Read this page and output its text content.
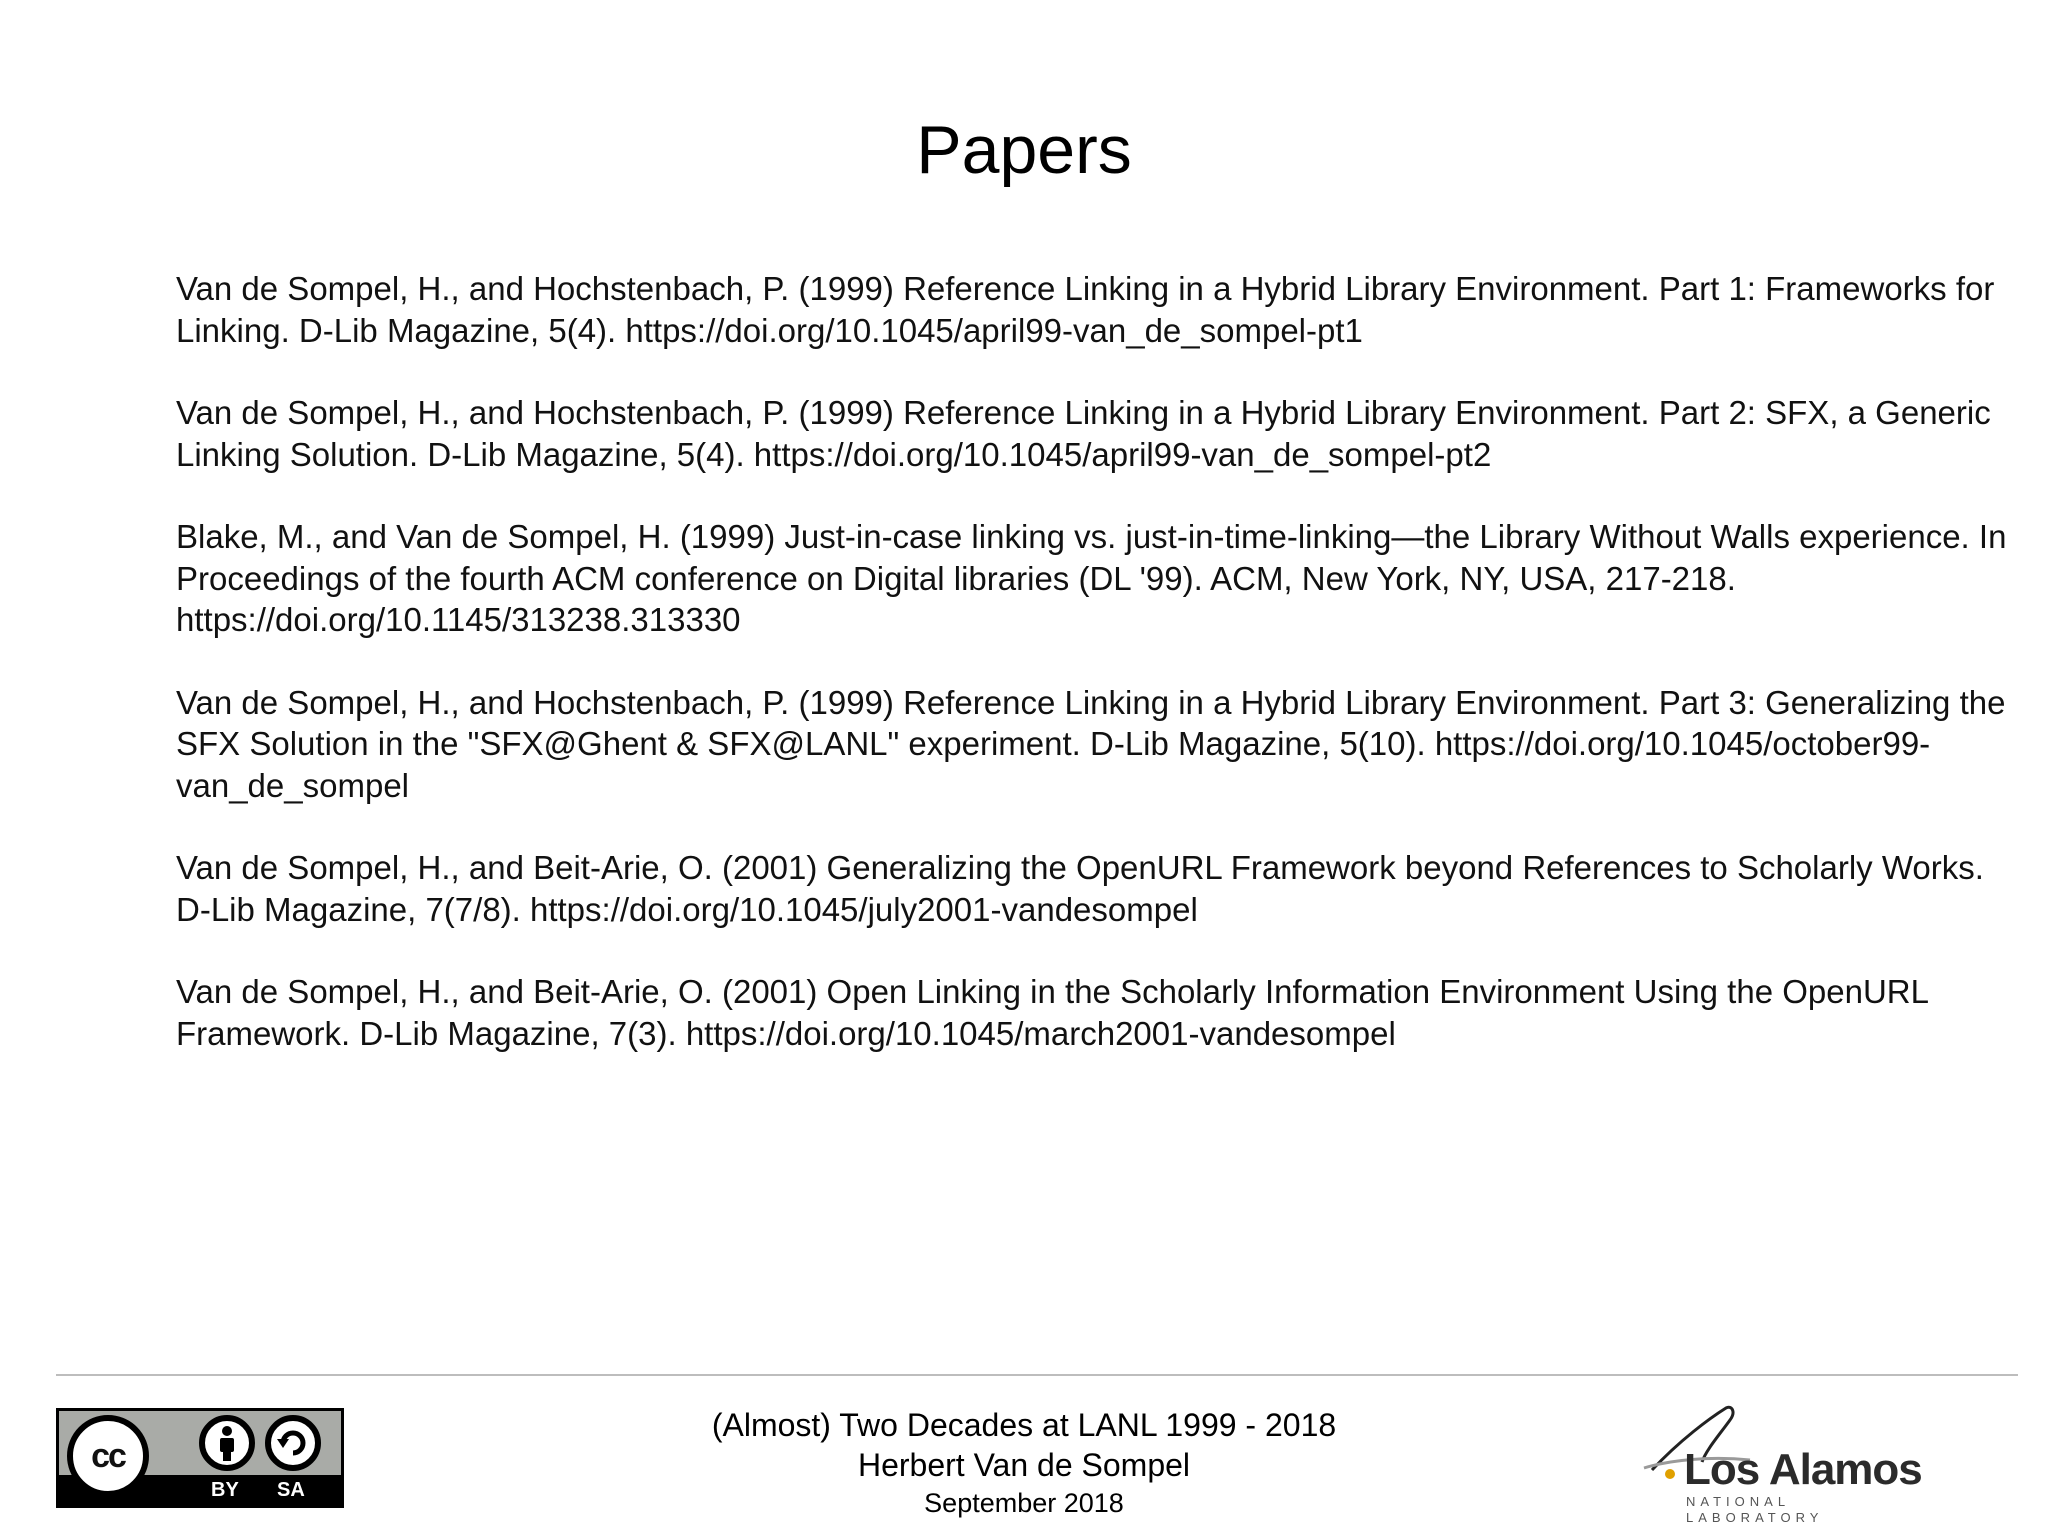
Papers

Van de Sompel, H., and Hochstenbach, P. (1999) Reference Linking in a Hybrid Library Environment. Part 1: Frameworks for Linking. D-Lib Magazine, 5(4). https://doi.org/10.1045/april99-van_de_sompel-pt1

Van de Sompel, H., and Hochstenbach, P. (1999) Reference Linking in a Hybrid Library Environment. Part 2: SFX, a Generic Linking Solution. D-Lib Magazine, 5(4). https://doi.org/10.1045/april99-van_de_sompel-pt2

Blake, M., and Van de Sompel, H. (1999) Just-in-case linking vs. just-in-time-linking—the Library Without Walls experience. In Proceedings of the fourth ACM conference on Digital libraries (DL '99). ACM, New York, NY, USA, 217-218. https://doi.org/10.1145/313238.313330

Van de Sompel, H., and Hochstenbach, P. (1999) Reference Linking in a Hybrid Library Environment. Part 3: Generalizing the SFX Solution in the "SFX@Ghent & SFX@LANL" experiment. D-Lib Magazine, 5(10). https://doi.org/10.1045/october99-van_de_sompel

Van de Sompel, H., and Beit-Arie, O. (2001) Generalizing the OpenURL Framework beyond References to Scholarly Works. D-Lib Magazine, 7(7/8). https://doi.org/10.1045/july2001-vandesompel

Van de Sompel, H., and Beit-Arie, O. (2001) Open Linking in the Scholarly Information Environment Using the OpenURL Framework. D-Lib Magazine, 7(3). https://doi.org/10.1045/march2001-vandesompel

cc
BY SA
(Almost) Two Decades at LANL 1999 - 2018
Herbert Van de Sompel
September 2018
Los Alamos
NATIONAL LABORATORY
